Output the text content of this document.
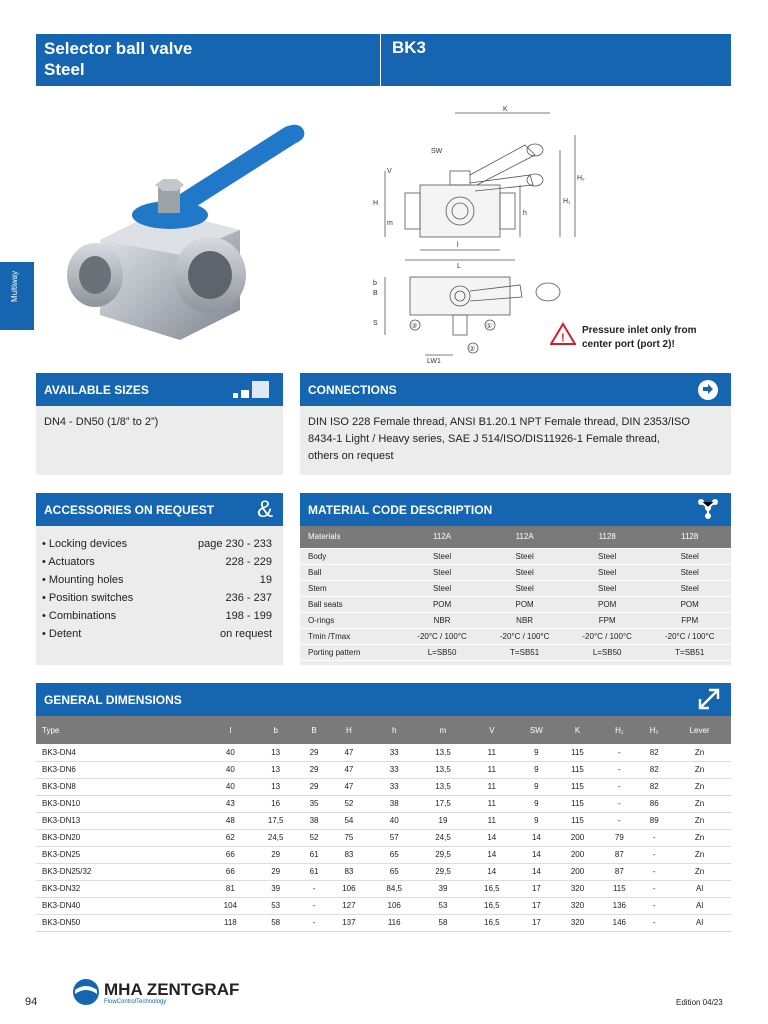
Selector ball valve
Steel
BK3
Multiway
K
SW
H
h
H₁
H₂
V
m
l
L
B
b
S
LW1
③	①
②
!
Pressure inlet only from
center port (port 2)!
AVAILABLE SIZES
DN4 - DN50 (1/8” to 2”)
CONNECTIONS
DIN ISO 228 Female thread, ANSI B1.20.1 NPT Female thread, DIN 2353/ISO
8434-1 Light / Heavy series, SAE J 514/ISO/DIS11926-1 Female thread,
others on request
ACCESSORIES ON REQUEST &
• Locking devices	page 230 - 233
• Actuators	228 - 229
• Mounting holes	19
• Position switches	236 - 237
• Combinations	198 - 199
• Detent	on request
MATERIAL CODE DESCRIPTION
Materials	112A	112A	1128	1128
Body	Steel	Steel	Steel	Steel
Ball	Steel	Steel	Steel	Steel
Stem	Steel	Steel	Steel	Steel
Ball seats	POM	POM	POM	POM
O-rings	NBR	NBR	FPM	FPM
Tmin /Tmax	-20°C / 100°C	-20°C / 100°C	-20°C / 100°C	-20°C / 100°C
Porting pattern	L=SB50	T=SB51	L=SB50	T=SB51
GENERAL DIMENSIONS
Type	l	b	B	H	h	m	V	SW	K	H₁	H₂	Lever
BK3-DN4	40	13	29	47	33	13,5	11	9	115	-	82	Zn
BK3-DN6	40	13	29	47	33	13,5	11	9	115	-	82	Zn
BK3-DN8	40	13	29	47	33	13,5	11	9	115	-	82	Zn
BK3-DN10	43	16	35	52	38	17,5	11	9	115	-	86	Zn
BK3-DN13	48	17,5	38	54	40	19	11	9	115	-	89	Zn
BK3-DN20	62	24,5	52	75	57	24,5	14	14	200	79	-	Zn
BK3-DN25	66	29	61	83	65	29,5	14	14	200	87	-	Zn
BK3-DN25/32	66	29	61	83	65	29,5	14	14	200	87	-	Zn
BK3-DN32	81	39	-	106	84,5	39	16,5	17	320	115	-	Al
BK3-DN40	104	53	-	127	106	53	16,5	17	320	136	-	Al
BK3-DN50	118	58	-	137	116	58	16,5	17	320	146	-	Al
94
MHA ZENTGRAF
FlowControlTechnology	Edition 04/23
